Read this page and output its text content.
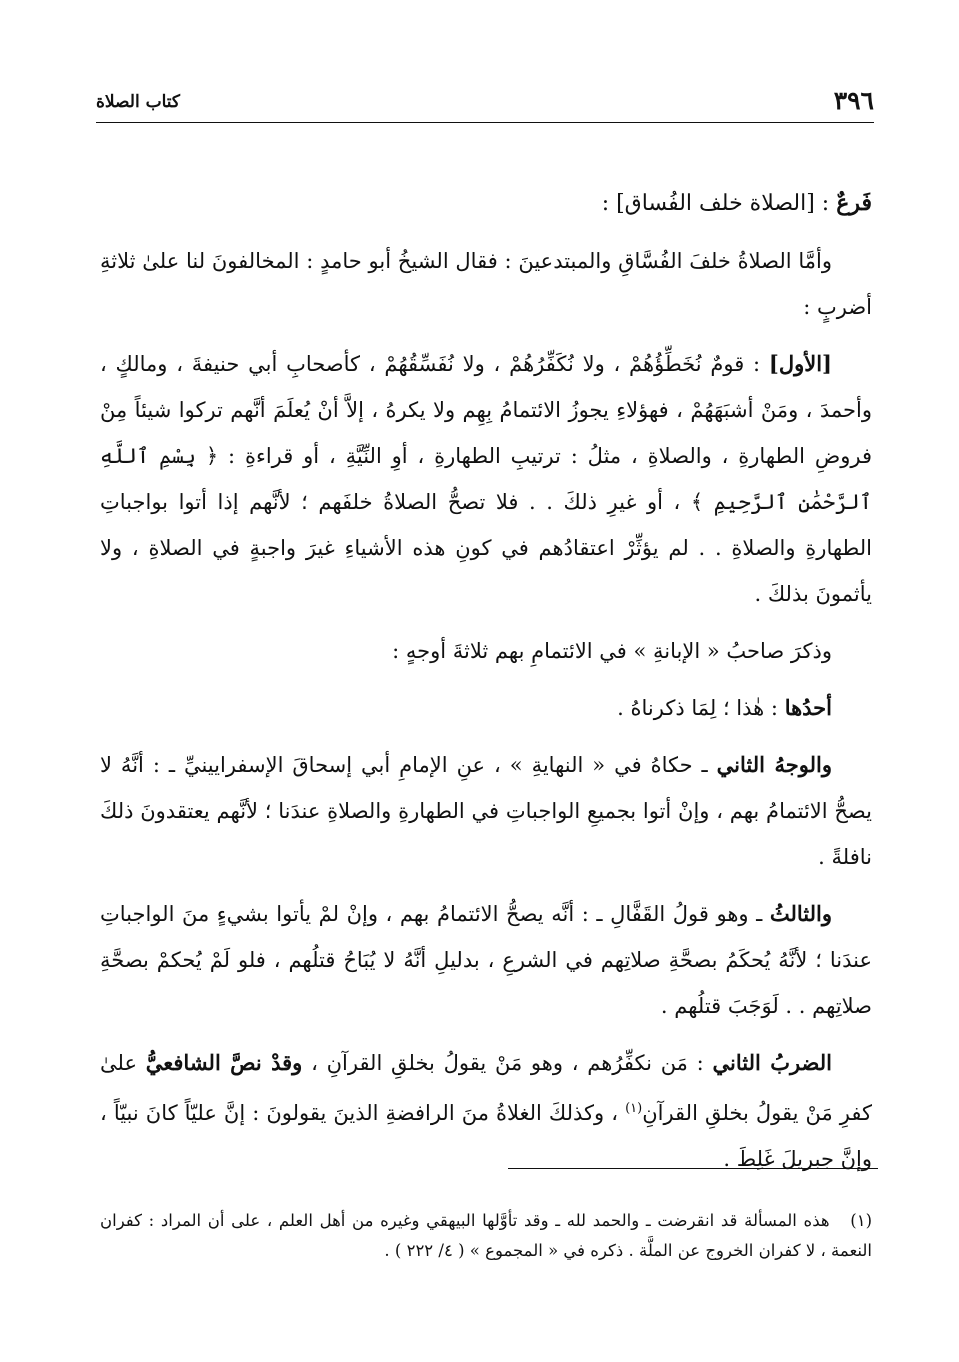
٣٩٦
كتاب الصلاة

فَرعٌ : [الصلاة خلف الفُساق] :

وأمَّا الصلاةُ خلفَ الفُسَّاقِ والمبتدعينَ : فقال الشيخُ أبو حامدٍ : المخالفونَ لنا علىٰ ثلاثةِ أضربٍ :

[الأول] : قومٌ نُخَطِّؤُهُمْ ، ولا نُكَفِّرُهُمْ ، ولا نُفَسِّقُهُمْ ، كأصحابِ أبي حنيفةَ ، ومالكٍ ، وأحمدَ ، ومَنْ أشبَهَهُمْ ، فهؤلاءِ يجوزُ الائتمامُ بِهِم ولا يكرهُ ، إلاَّ أنْ يُعلَمَ أنَّهم تركوا شيئاً مِنْ فروضِ الطهارةِ ، والصلاةِ ، مثلُ : ترتيبِ الطهارةِ ، أوِ النِّيَّةِ ، أو قراءةِ : ﴿ بِسْمِ ٱللَّهِ ٱلرَّحْمَٰنِ ٱلرَّحِيمِ ﴾ ، أو غيرِ ذلكَ . . فلا تصحُّ الصلاةُ خلفَهم ؛ لأنَّهم إذا أتوا بواجباتِ الطهارةِ والصلاةِ . . لم يؤثِّرْ اعتقادُهم في كونِ هذه الأشياءِ غيرَ واجبةٍ في الصلاةِ ، ولا يأثمونَ بذلكَ .

وذكرَ صاحبُ « الإبانةِ » في الائتمامِ بهم ثلاثةَ أوجهٍ :

أحدُها : هٰذا ؛ لِمَا ذكرناهُ .

والوجهُ الثاني ـ حكاهُ في « النهايةِ » ، عنِ الإمامِ أبي إسحاقَ الإسفرايينيِّ ـ : أنَّهُ لا يصحُّ الائتمامُ بهم ، وإنْ أتوا بجميعِ الواجباتِ في الطهارةِ والصلاةِ عندَنا ؛ لأنَّهم يعتقدونَ ذلكَ نافلةً .

والثالثُ ـ وهو قولُ القَفَّالِ ـ : أنَّه يصحُّ الائتمامُ بهم ، وإنْ لمْ يأتوا بشيءٍ منَ الواجباتِ عندَنا ؛ لأنَّهُ يُحكَمُ بصحَّةِ صلاتِهم في الشرعِ ، بدليلِ أنَّهُ لا يُبَاحُ قتلُهم ، فلو لَمْ يُحكمْ بصحَّةِ صلاتِهم . . لَوَجَبَ قتلُهم .

الضربُ الثاني : مَن نكفِّرُهم ، وهو مَنْ يقولُ بخلقِ القرآنِ ، وقدْ نصَّ الشافعيُّ علىٰ كفرِ مَنْ يقولُ بخلقِ القرآنِ$^{(١)}$ ، وكذلكَ الغلاةُ منَ الرافضةِ الذينَ يقولونَ : إنَّ عليّاً كانَ نبيّاً ، وإنَّ جبريلَ غَلِطَ .

(١) هذه المسألة قد انقرضت ـ والحمد لله ـ وقد تأوَّلها البيهقي وغيره من أهل العلم ، على أن المراد : كفران النعمة ، لا كفران الخروج عن الملَّة . ذكره في « المجموع » ( ٤/ ٢٢٢ ) .
